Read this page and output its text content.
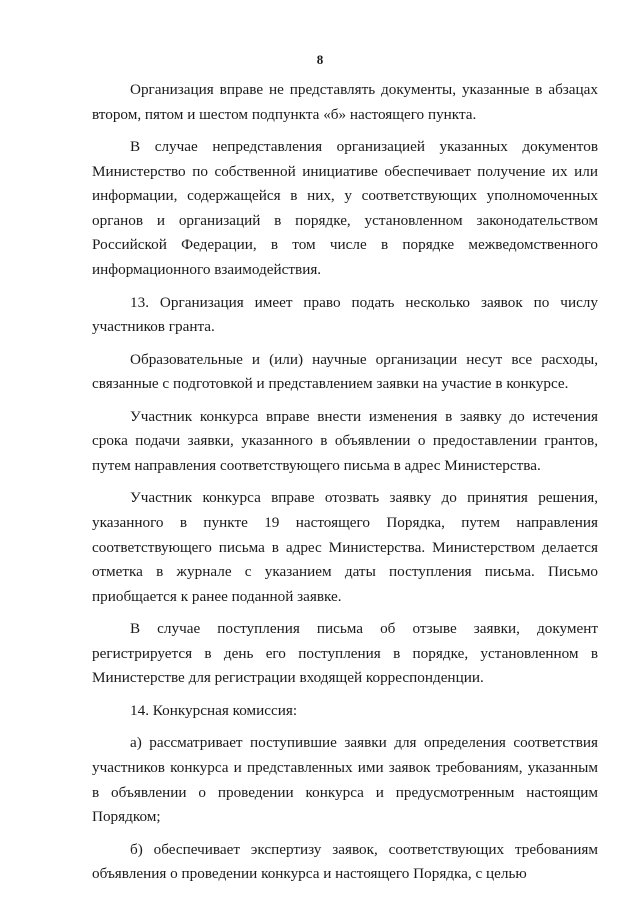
8

Организация вправе не представлять документы, указанные в абзацах втором, пятом и шестом подпункта «б» настоящего пункта.

В случае непредставления организацией указанных документов Министерство по собственной инициативе обеспечивает получение их или информации, содержащейся в них, у соответствующих уполномоченных органов и организаций в порядке, установленном законодательством Российской Федерации, в том числе в порядке межведомственного информационного взаимодействия.

13. Организация имеет право подать несколько заявок по числу участников гранта.

Образовательные и (или) научные организации несут все расходы, связанные с подготовкой и представлением заявки на участие в конкурсе.

Участник конкурса вправе внести изменения в заявку до истечения срока подачи заявки, указанного в объявлении о предоставлении грантов, путем направления соответствующего письма в адрес Министерства.

Участник конкурса вправе отозвать заявку до принятия решения, указанного в пункте 19 настоящего Порядка, путем направления соответствующего письма в адрес Министерства. Министерством делается отметка в журнале с указанием даты поступления письма. Письмо приобщается к ранее поданной заявке.

В случае поступления письма об отзыве заявки, документ регистрируется в день его поступления в порядке, установленном в Министерстве для регистрации входящей корреспонденции.

14. Конкурсная комиссия:

а) рассматривает поступившие заявки для определения соответствия участников конкурса и представленных ими заявок требованиям, указанным в объявлении о проведении конкурса и предусмотренным настоящим Порядком;

б) обеспечивает экспертизу заявок, соответствующих требованиям объявления о проведении конкурса и настоящего Порядка, с целью
